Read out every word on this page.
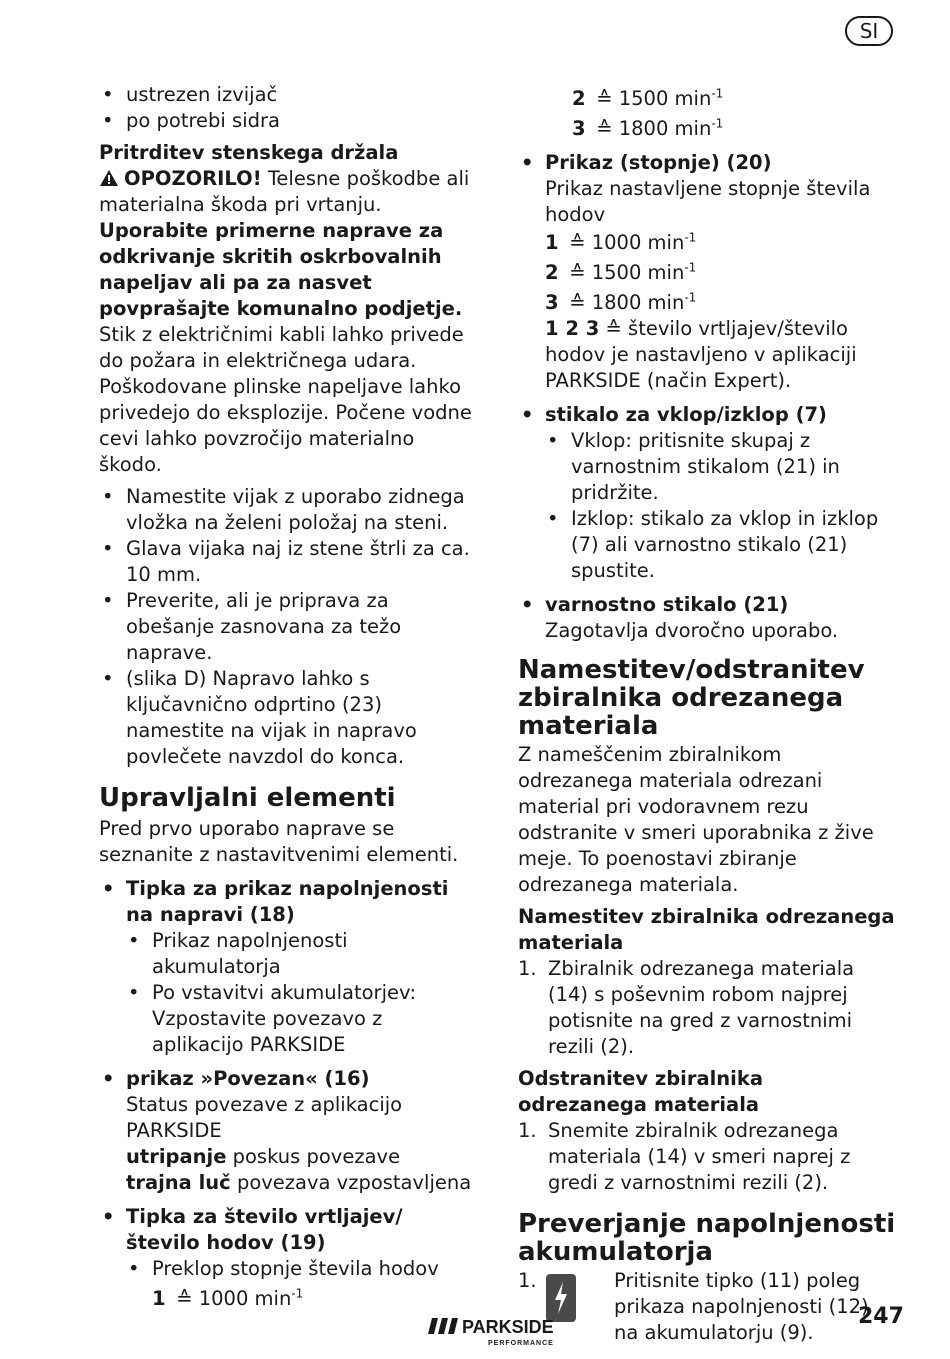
SI
• ustrezen izvijač
• po potrebi sidra
Pritrditev stenskega držala

OPOZORILO! Telesne poškodbe ali materialna škoda pri vrtanju. Uporabite primerne naprave za odkrivanje skritih oskrbovalnih napeljav ali pa za nasvet povprašajte komunalno podjetje. Stik z električnimi kabli lahko privede do požara in električnega udara. Poškodovane plinske napeljave lahko privedejo do eksplozije. Počene vodne cevi lahko povzročijo materialno škodo.

• Namestite vijak z uporabo zidnega vložka na želeni položaj na steni.
• Glava vijaka naj iz stene štrli za ca. 10 mm.
• Preverite, ali je priprava za obešanje zasnovana za težo naprave.
• (slika D) Napravo lahko s ključavnično odprtino (23) namestite na vijak in napravo povlečete navzdol do konca.
Upravljalni elementi

Pred prvo uporabo naprave se seznanite z nastavitvenimi elementi.

• Tipka za prikaz napolnjenosti na napravi (18)
• Prikaz napolnjenosti akumulatorja
• Po vstavitvi akumulatorjev: Vzpostavite povezavo z aplikacijo PARKSIDE
• prikaz »Povezan« (16)
Status povezave z aplikacijo PARKSIDE
utripanje poskus povezave
trajna luč povezava vzpostavljena
• Tipka za število vrtljajev/število hodov (19)
• Preklop stopnje števila hodov
1 ≙ 1000 $\min^{-1}$
2 ≙ 1500 $\min^{-1}$
3 ≙ 1800 $\min^{-1}$
• Prikaz (stopnje) (20)
Prikaz nastavljene stopnje števila hodov
1 ≙ 1000 $\min^{-1}$
2 ≙ 1500 $\min^{-1}$
3 ≙ 1800 $\min^{-1}$
1 2 3 ≙ število vrtljajev/število hodov je nastavljeno v aplikaciji PARKSIDE (način Expert).
• stikalo za vklop/izklop (7)
• Vklop: pritisnite skupaj z varnostnim stikalom (21) in pridržite.
• Izklop: stikalo za vklop in izklop (7) ali varnostno stikalo (21) spustite.
• varnostno stikalo (21)
Zagotavlja dvoročno uporabo.
Namestitev/odstranitev zbiralnika odrezanega materiala

Z nameščenim zbiralnikom odrezanega materiala odrezani material pri vodoravnem rezu odstranite v smeri uporabnika z žive meje. To poenostavi zbiranje odrezanega materiala.

Namestitev zbiralnika odrezanega materiala
1. Zbiralnik odrezanega materiala (14) s poševnim robom najprej potisnite na gred z varnostnimi rezili (2).
Odstranitev zbiralnika odrezanega materiala
1. Snemite zbiralnik odrezanega materiala (14) v smeri naprej z gredi z varnostnimi rezili (2).
Preverjanje napolnjenosti akumulatorja
1.	Pritisnite tipko (11) poleg prikaza napolnjenosti (12) na akumulatorju (9).
PARKSIDE
PERFORMANCE
247
